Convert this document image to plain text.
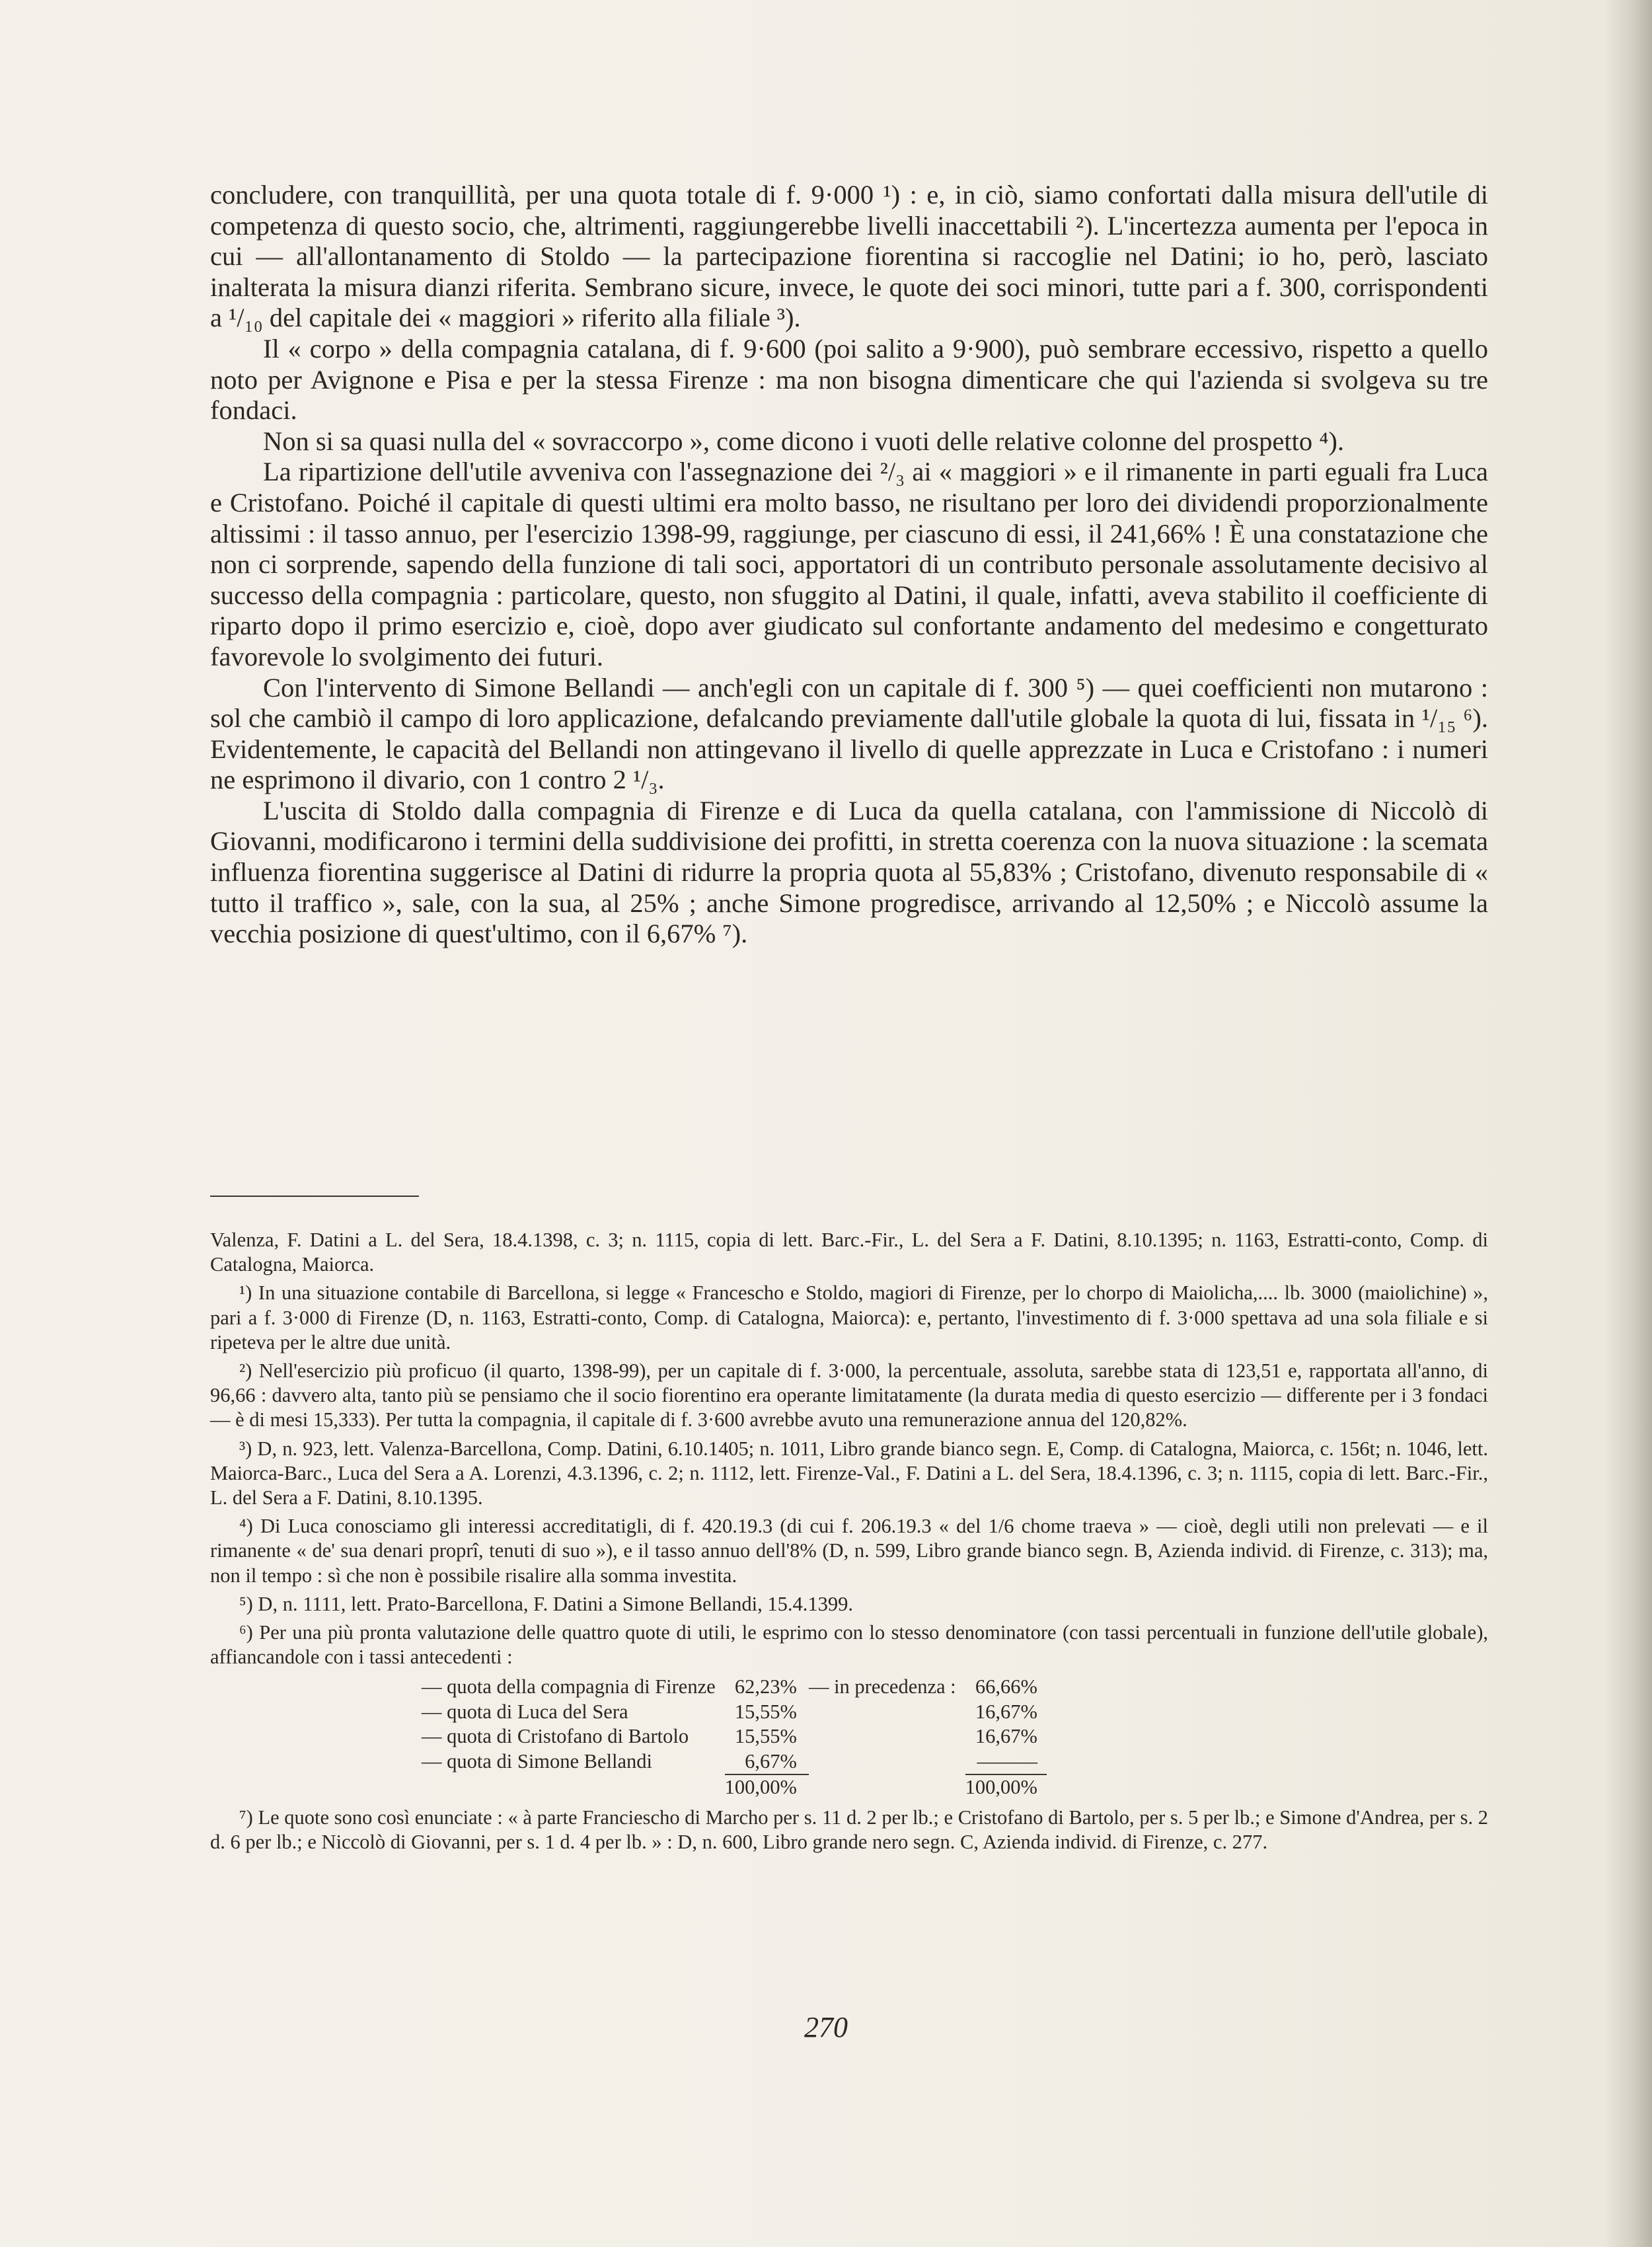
concludere, con tranquillità, per una quota totale di f. 9·000 ¹) : e, in ciò, siamo confortati dalla misura dell'utile di competenza di questo socio, che, altrimenti, raggiungerebbe livelli inaccettabili ²). L'incertezza aumenta per l'epoca in cui — all'allontanamento di Stoldo — la partecipazione fiorentina si raccoglie nel Datini; io ho, però, lasciato inalterata la misura dianzi riferita. Sembrano sicure, invece, le quote dei soci minori, tutte pari a f. 300, corrispondenti a ¹/₁₀ del capitale dei « maggiori » riferito alla filiale ³).

Il « corpo » della compagnia catalana, di f. 9·600 (poi salito a 9·900), può sembrare eccessivo, rispetto a quello noto per Avignone e Pisa e per la stessa Firenze : ma non bisogna dimenticare che qui l'azienda si svolgeva su tre fondaci.

Non si sa quasi nulla del « sovraccorpo », come dicono i vuoti delle relative colonne del prospetto ⁴).

La ripartizione dell'utile avveniva con l'assegnazione dei ²/₃ ai « maggiori » e il rimanente in parti eguali fra Luca e Cristofano. Poiché il capitale di questi ultimi era molto basso, ne risultano per loro dei dividendi proporzionalmente altissimi : il tasso annuo, per l'esercizio 1398-99, raggiunge, per ciascuno di essi, il 241,66% ! È una constatazione che non ci sorprende, sapendo della funzione di tali soci, apportatori di un contributo personale assolutamente decisivo al successo della compagnia : particolare, questo, non sfuggito al Datini, il quale, infatti, aveva stabilito il coefficiente di riparto dopo il primo esercizio e, cioè, dopo aver giudicato sul confortante andamento del medesimo e congetturato favorevole lo svolgimento dei futuri.

Con l'intervento di Simone Bellandi — anch'egli con un capitale di f. 300 ⁵) — quei coefficienti non mutarono : sol che cambiò il campo di loro applicazione, defalcando previamente dall'utile globale la quota di lui, fissata in ¹/₁₅ ⁶). Evidentemente, le capacità del Bellandi non attingevano il livello di quelle apprezzate in Luca e Cristofano : i numeri ne esprimono il divario, con 1 contro 2 ¹/₃.

L'uscita di Stoldo dalla compagnia di Firenze e di Luca da quella catalana, con l'ammissione di Niccolò di Giovanni, modificarono i termini della suddivisione dei profitti, in stretta coerenza con la nuova situazione : la scemata influenza fiorentina suggerisce al Datini di ridurre la propria quota al 55,83% ; Cristofano, divenuto responsabile di « tutto il traffico », sale, con la sua, al 25% ; anche Simone progredisce, arrivando al 12,50% ; e Niccolò assume la vecchia posizione di quest'ultimo, con il 6,67% ⁷).

Valenza, F. Datini a L. del Sera, 18.4.1398, c. 3; n. 1115, copia di lett. Barc.-Fir., L. del Sera a F. Datini, 8.10.1395; n. 1163, Estratti-conto, Comp. di Catalogna, Maiorca.

¹) In una situazione contabile di Barcellona, si legge « Francescho e Stoldo, magiori di Firenze, per lo chorpo di Maiolicha,.... lb. 3000 (maiolichine) », pari a f. 3·000 di Firenze (D, n. 1163, Estratti-conto, Comp. di Catalogna, Maiorca): e, pertanto, l'investimento di f. 3·000 spettava ad una sola filiale e si ripeteva per le altre due unità.

²) Nell'esercizio più proficuo (il quarto, 1398-99), per un capitale di f. 3·000, la percentuale, assoluta, sarebbe stata di 123,51 e, rapportata all'anno, di 96,66 : davvero alta, tanto più se pensiamo che il socio fiorentino era operante limitatamente (la durata media di questo esercizio — differente per i 3 fondaci — è di mesi 15,333). Per tutta la compagnia, il capitale di f. 3·600 avrebbe avuto una remunerazione annua del 120,82%.

³) D, n. 923, lett. Valenza-Barcellona, Comp. Datini, 6.10.1405; n. 1011, Libro grande bianco segn. E, Comp. di Catalogna, Maiorca, c. 156t; n. 1046, lett. Maiorca-Barc., Luca del Sera a A. Lorenzi, 4.3.1396, c. 2; n. 1112, lett. Firenze-Val., F. Datini a L. del Sera, 18.4.1396, c. 3; n. 1115, copia di lett. Barc.-Fir., L. del Sera a F. Datini, 8.10.1395.

⁴) Di Luca conosciamo gli interessi accreditatigli, di f. 420.19.3 (di cui f. 206.19.3 « del 1/6 chome traeva » — cioè, degli utili non prelevati — e il rimanente « de' sua denari proprî, tenuti di suo »), e il tasso annuo dell'8% (D, n. 599, Libro grande bianco segn. B, Azienda individ. di Firenze, c. 313); ma, non il tempo : sì che non è possibile risalire alla somma investita.

⁵) D, n. 1111, lett. Prato-Barcellona, F. Datini a Simone Bellandi, 15.4.1399.

⁶) Per una più pronta valutazione delle quattro quote di utili, le esprimo con lo stesso denominatore (con tassi percentuali in funzione dell'utile globale), affiancandole con i tassi antecedenti :

— quota della compagnia di Firenze	62,23%	— in precedenza :	66,66%
— quota di Luca del Sera	15,55%		16,67%
— quota di Cristofano di Bartolo	15,55%		16,67%
— quota di Simone Bellandi	6,67%		———
	100,00%		100,00%

⁷) Le quote sono così enunciate : « à parte Franciescho di Marcho per s. 11 d. 2 per lb.; e Cristofano di Bartolo, per s. 5 per lb.; e Simone d'Andrea, per s. 2 d. 6 per lb.; e Niccolò di Giovanni, per s. 1 d. 4 per lb. » : D, n. 600, Libro grande nero segn. C, Azienda individ. di Firenze, c. 277.

270
